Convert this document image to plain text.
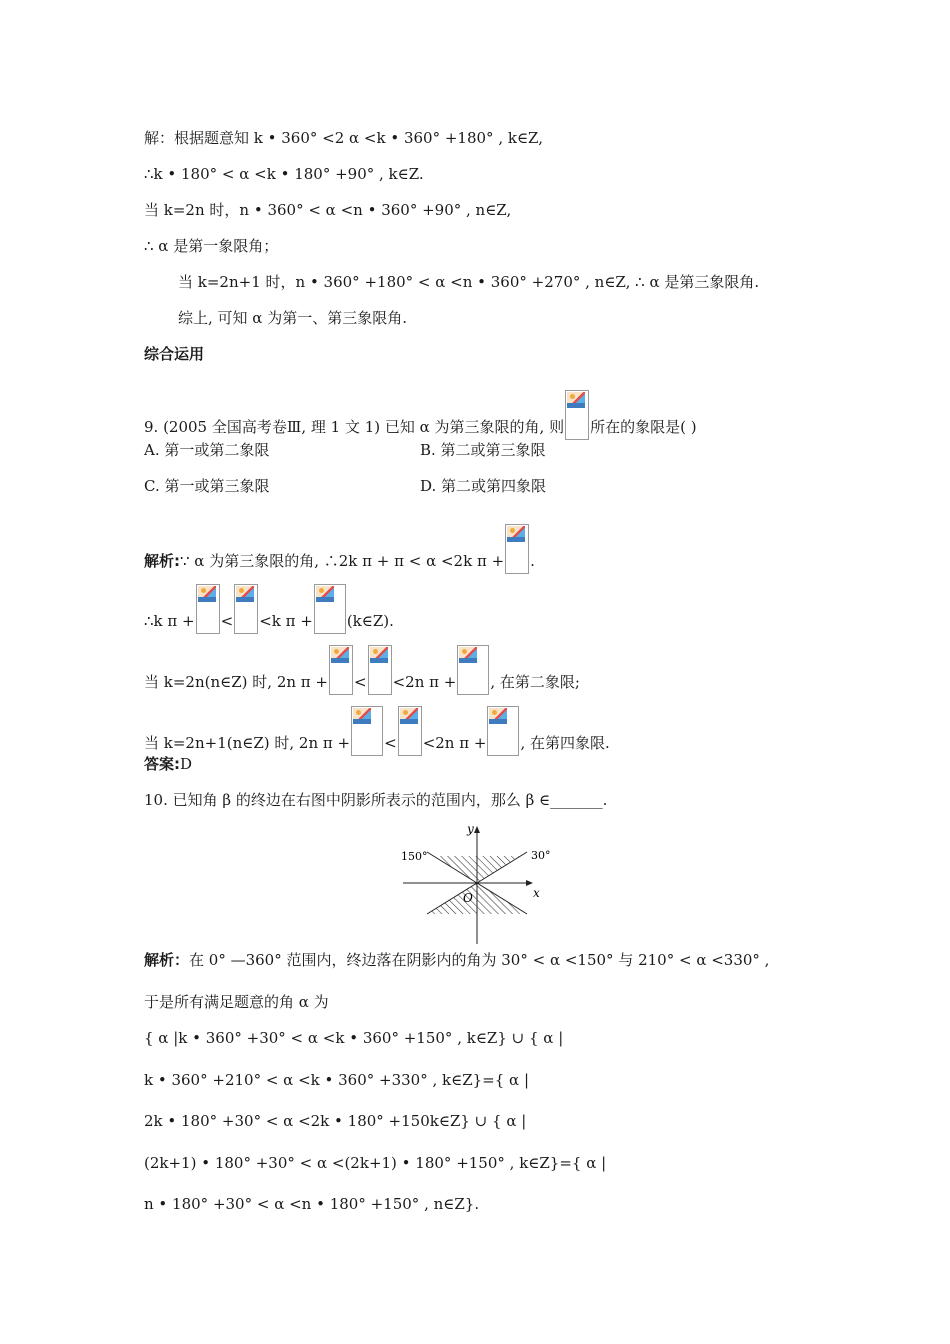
解：根据题意知 k • 360° <2 α <k • 360° +180° , k∈Z,
∴k • 180° < α <k • 180° +90° , k∈Z.
当 k=2n 时，n • 360° < α <n • 360° +90° , n∈Z,
∴ α 是第一象限角；
当 k=2n+1 时，n • 360° +180° < α <n • 360° +270° , n∈Z, ∴ α 是第三象限角.
综上, 可知 α 为第一、第三象限角.
综合运用
9. (2005 全国高考卷Ⅲ, 理 1 文 1) 已知 α 为第三象限的角, 则 所在的象限是( )
A. 第一或第二象限	B. 第二或第三象限
C. 第一或第三象限	D. 第二或第四象限
解析:∵ α 为第三象限的角, ∴2k π + π < α <2k π + .
∴k π + < <k π + (k∈Z).
当 k=2n(n∈Z) 时, 2n π + < <2n π + , 在第二象限;
当 k=2n+1(n∈Z) 时, 2n π + < <2n π + , 在第四象限.
答案:D
10. 已知角 β 的终边在右图中阴影所表示的范围内，那么 β ∈_______.
y
x
O
150°	30°
解析：在 0° —360° 范围内，终边落在阴影内的角为 30° < α <150° 与 210° < α <330° ,
于是所有满足题意的角 α 为
{ α |k • 360° +30° < α <k • 360° +150° , k∈Z} ∪ { α |
k • 360° +210° < α <k • 360° +330° , k∈Z}={ α |
2k • 180° +30° < α <2k • 180° +150k∈Z} ∪ { α |
(2k+1) • 180° +30° < α <(2k+1) • 180° +150° , k∈Z}={ α |
n • 180° +30° < α <n • 180° +150° , n∈Z}.
